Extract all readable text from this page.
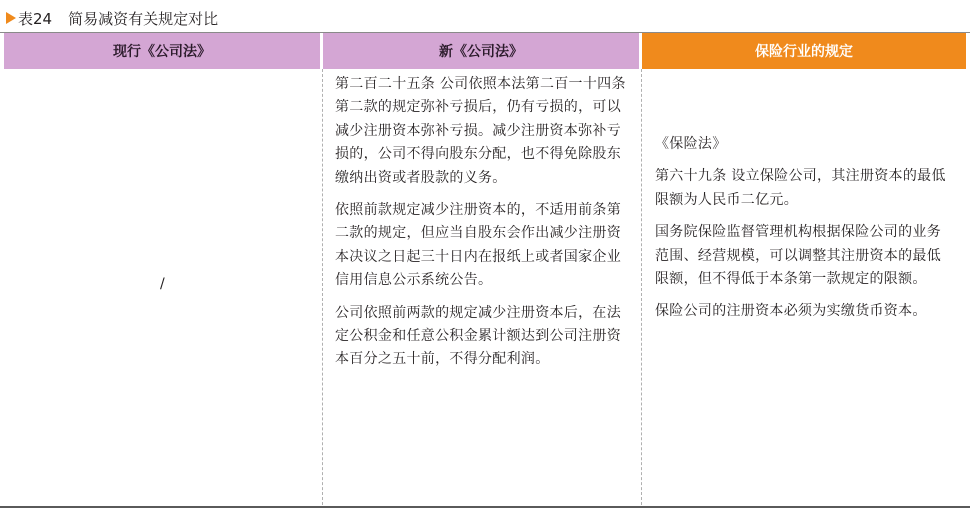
表24 简易减资有关规定对比
现行《公司法》	新《公司法》	保险行业的规定
/

第二百二十五条 公司依照本法第二百一十四条第二款的规定弥补亏损后，仍有亏损的，可以减少注册资本弥补亏损。减少注册资本弥补亏损的，公司不得向股东分配，也不得免除股东缴纳出资或者股款的义务。

依照前款规定减少注册资本的，不适用前条第二款的规定，但应当自股东会作出减少注册资本决议之日起三十日内在报纸上或者国家企业信用信息公示系统公告。

公司依照前两款的规定减少注册资本后，在法定公积金和任意公积金累计额达到公司注册资本百分之五十前，不得分配利润。

《保险法》

第六十九条 设立保险公司，其注册资本的最低限额为人民币二亿元。

国务院保险监督管理机构根据保险公司的业务范围、经营规模，可以调整其注册资本的最低限额，但不得低于本条第一款规定的限额。

保险公司的注册资本必须为实缴货币资本。
